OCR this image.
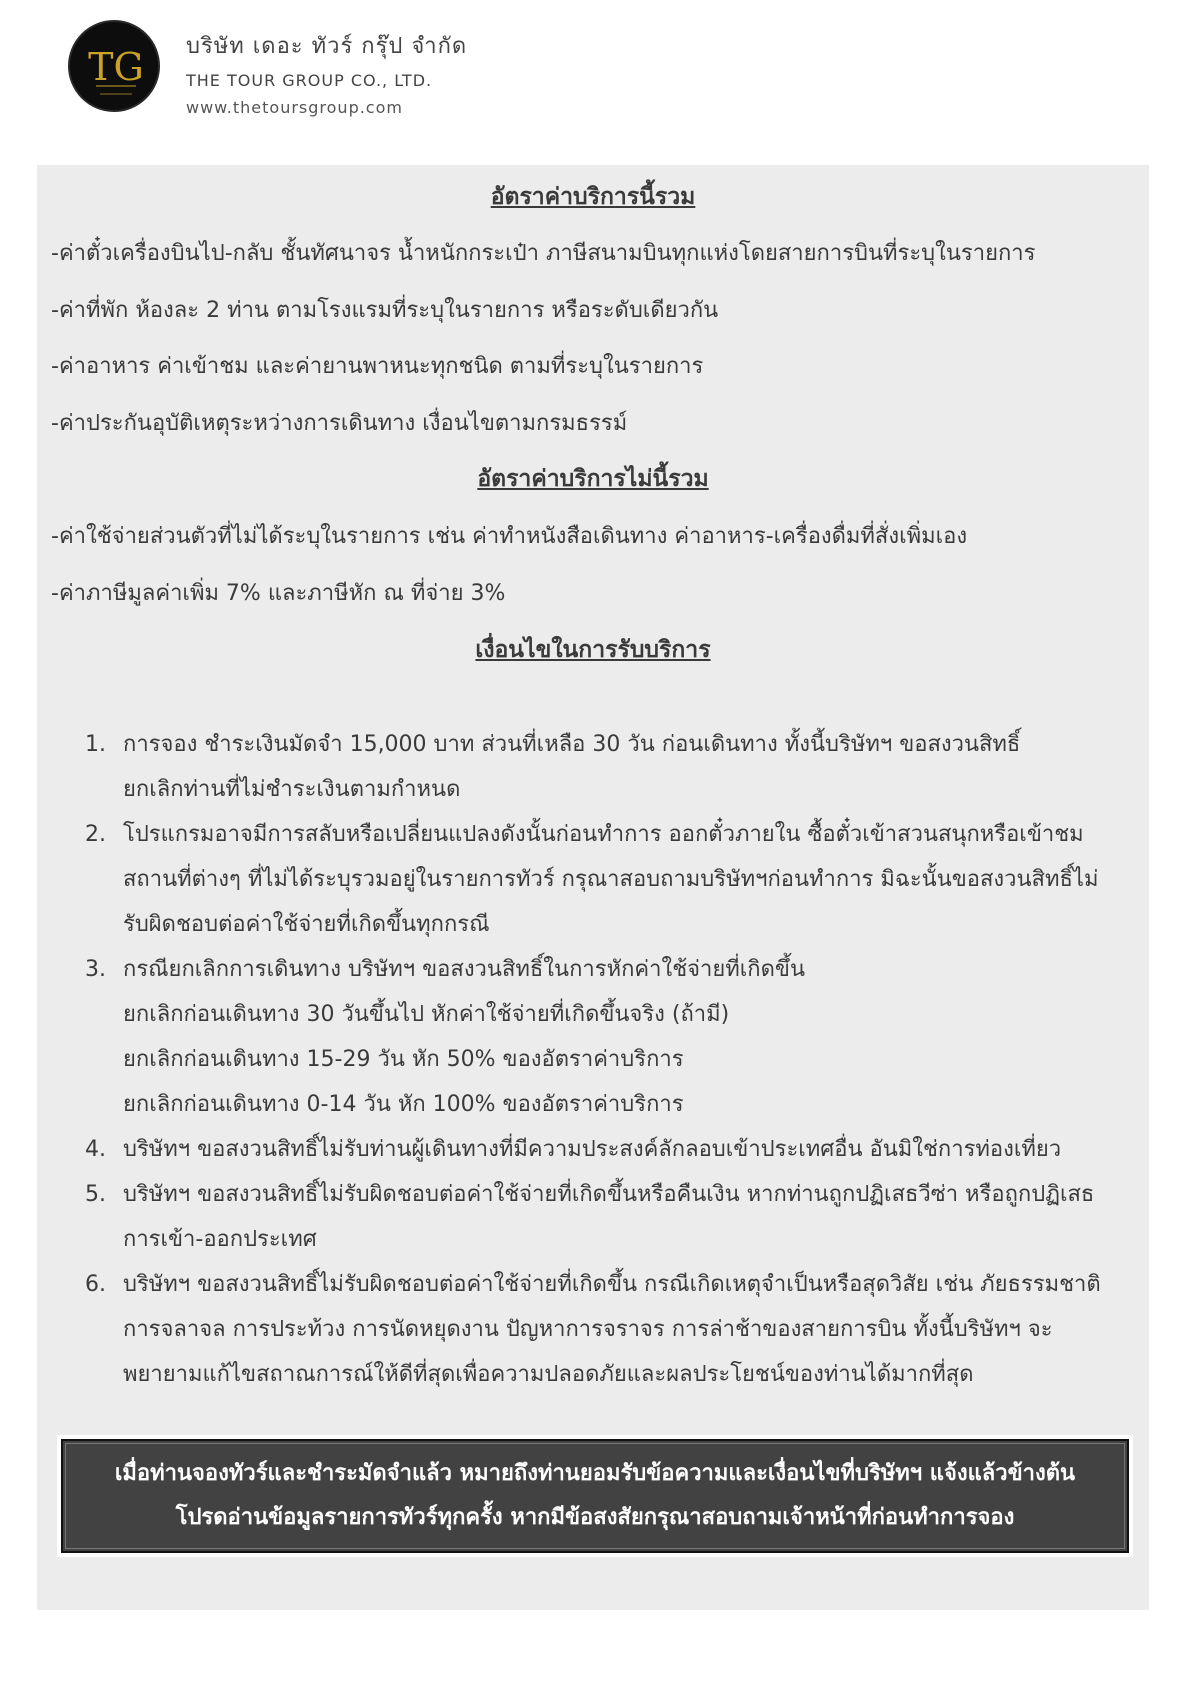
TG บริษัท เดอะ ทัวร์ กรุ๊ป จำกัด
THE TOUR GROUP CO., LTD.
www.thetoursgroup.com
อัตราค่าบริการนี้รวม
-ค่าตั๋วเครื่องบินไป-กลับ ชั้นทัศนาจร น้ำหนักกระเป๋า ภาษีสนามบินทุกแห่งโดยสายการบินที่ระบุในรายการ
-ค่าที่พัก ห้องละ 2 ท่าน ตามโรงแรมที่ระบุในรายการ หรือระดับเดียวกัน
-ค่าอาหาร ค่าเข้าชม และค่ายานพาหนะทุกชนิด ตามที่ระบุในรายการ
-ค่าประกันอุบัติเหตุระหว่างการเดินทาง เงื่อนไขตามกรมธรรม์
อัตราค่าบริการไม่นี้รวม
-ค่าใช้จ่ายส่วนตัวที่ไม่ได้ระบุในรายการ เช่น ค่าทำหนังสือเดินทาง ค่าอาหาร-เครื่องดื่มที่สั่งเพิ่มเอง
-ค่าภาษีมูลค่าเพิ่ม 7% และภาษีหัก ณ ที่จ่าย 3%
เงื่อนไขในการรับบริการ
1. การจอง ชำระเงินมัดจำ 15,000 บาท ส่วนที่เหลือ 30 วัน ก่อนเดินทาง ทั้งนี้บริษัทฯ ขอสงวนสิทธิ์
ยกเลิกท่านที่ไม่ชำระเงินตามกำหนด
2. โปรแกรมอาจมีการสลับหรือเปลี่ยนแปลงดังนั้นก่อนทำการ ออกตั๋วภายใน ซื้อตั๋วเข้าสวนสนุกหรือเข้าชม
สถานที่ต่างๆ ที่ไม่ได้ระบุรวมอยู่ในรายการทัวร์ กรุณาสอบถามบริษัทฯก่อนทำการ มิฉะนั้นขอสงวนสิทธิ์ไม่
รับผิดชอบต่อค่าใช้จ่ายที่เกิดขึ้นทุกกรณี
3. กรณียกเลิกการเดินทาง บริษัทฯ ขอสงวนสิทธิ์ในการหักค่าใช้จ่ายที่เกิดขึ้น
ยกเลิกก่อนเดินทาง 30 วันขึ้นไป หักค่าใช้จ่ายที่เกิดขึ้นจริง (ถ้ามี)
ยกเลิกก่อนเดินทาง 15-29 วัน หัก 50% ของอัตราค่าบริการ
ยกเลิกก่อนเดินทาง 0-14 วัน หัก 100% ของอัตราค่าบริการ
4. บริษัทฯ ขอสงวนสิทธิ์ไม่รับท่านผู้เดินทางที่มีความประสงค์ลักลอบเข้าประเทศอื่น อันมิใช่การท่องเที่ยว
5. บริษัทฯ ขอสงวนสิทธิ์ไม่รับผิดชอบต่อค่าใช้จ่ายที่เกิดขึ้นหรือคืนเงิน หากท่านถูกปฏิเสธวีซ่า หรือถูกปฏิเสธ
การเข้า-ออกประเทศ
6. บริษัทฯ ขอสงวนสิทธิ์ไม่รับผิดชอบต่อค่าใช้จ่ายที่เกิดขึ้น กรณีเกิดเหตุจำเป็นหรือสุดวิสัย เช่น ภัยธรรมชาติ
การจลาจล การประท้วง การนัดหยุดงาน ปัญหาการจราจร การล่าช้าของสายการบิน ทั้งนี้บริษัทฯ จะ
พยายามแก้ไขสถาณการณ์ให้ดีที่สุดเพื่อความปลอดภัยและผลประโยชน์ของท่านได้มากที่สุด
เมื่อท่านจองทัวร์และชำระมัดจำแล้ว หมายถึงท่านยอมรับข้อความและเงื่อนไขที่บริษัทฯ แจ้งแล้วข้างต้น
โปรดอ่านข้อมูลรายการทัวร์ทุกครั้ง หากมีข้อสงสัยกรุณาสอบถามเจ้าหน้าที่ก่อนทำการจอง
